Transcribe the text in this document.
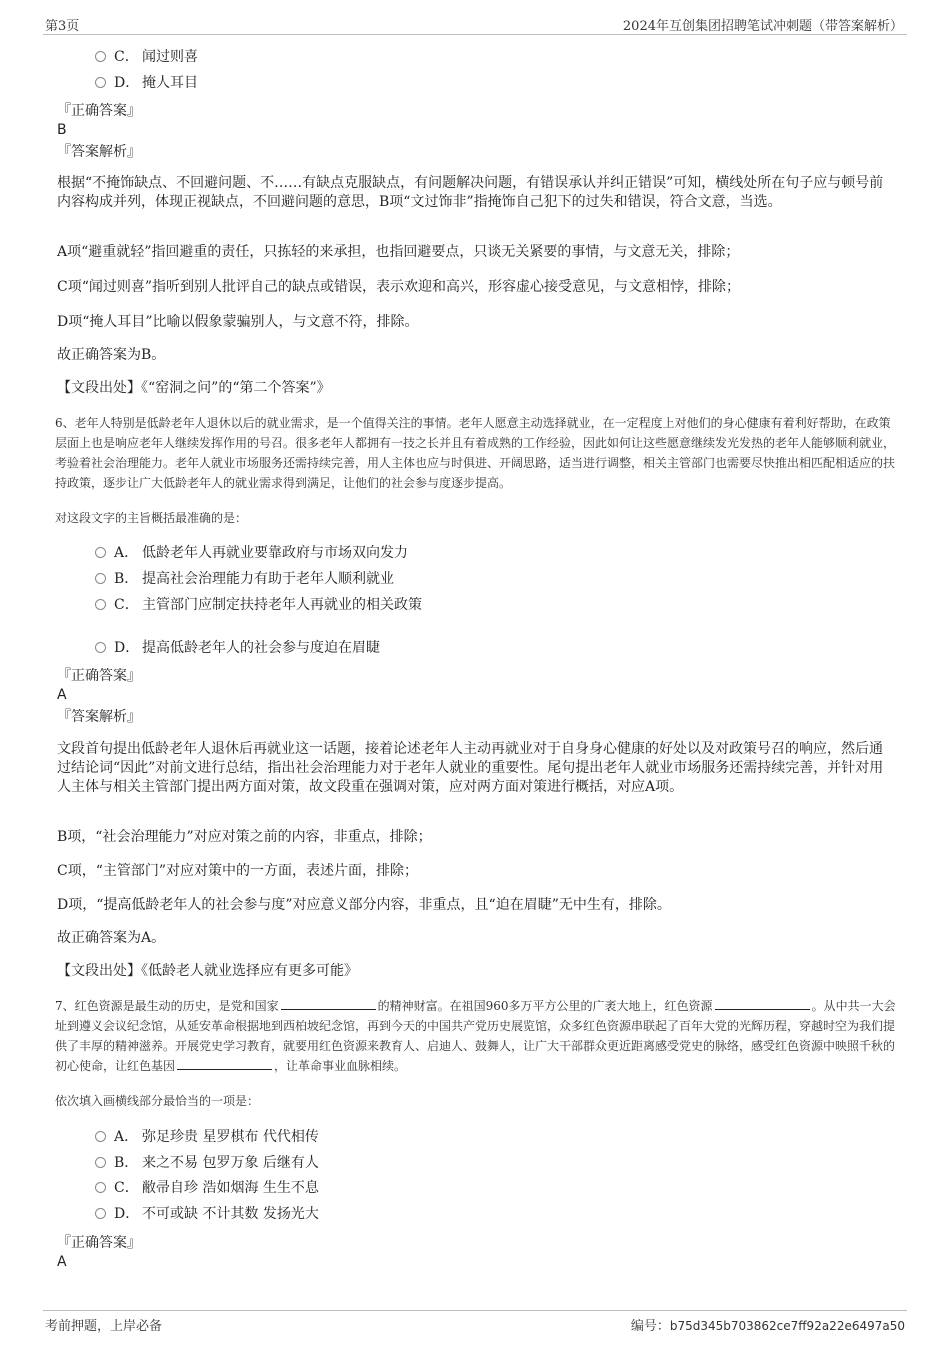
第3页	2024年互创集团招聘笔试冲刺题（带答案解析）
C． 闻过则喜
D． 掩人耳目
『正确答案』
B
『答案解析』
根据“不掩饰缺点、不回避问题、不……有缺点克服缺点，有问题解决问题，有错误承认并纠正错误”可知，横线处所在句子应与顿号前内容构成并列，体现正视缺点，不回避问题的意思，B项“文过饰非”指掩饰自己犯下的过失和错误，符合文意，当选。
A项“避重就轻”指回避重的责任，只拣轻的来承担，也指回避要点，只谈无关紧要的事情，与文意无关，排除；
C项“闻过则喜”指听到别人批评自己的缺点或错误，表示欢迎和高兴，形容虚心接受意见，与文意相悖，排除；
D项“掩人耳目”比喻以假象蒙骗别人，与文意不符，排除。
故正确答案为B。
【文段出处】《“窑洞之问”的“第二个答案”》
6、老年人特别是低龄老年人退休以后的就业需求，是一个值得关注的事情。老年人愿意主动选择就业，在一定程度上对他们的身心健康有着利好帮助，在政策层面上也是响应老年人继续发挥作用的号召。很多老年人都拥有一技之长并且有着成熟的工作经验，因此如何让这些愿意继续发光发热的老年人能够顺利就业，考验着社会治理能力。老年人就业市场服务还需持续完善，用人主体也应与时俱进、开阔思路，适当进行调整，相关主管部门也需要尽快推出相匹配相适应的扶持政策，逐步让广大低龄老年人的就业需求得到满足，让他们的社会参与度逐步提高。
对这段文字的主旨概括最准确的是：
A． 低龄老年人再就业要靠政府与市场双向发力
B． 提高社会治理能力有助于老年人顺利就业
C． 主管部门应制定扶持老年人再就业的相关政策
D． 提高低龄老年人的社会参与度迫在眉睫
『正确答案』
A
『答案解析』
文段首句提出低龄老年人退休后再就业这一话题，接着论述老年人主动再就业对于自身身心健康的好处以及对政策号召的响应，然后通过结论词“因此”对前文进行总结，指出社会治理能力对于老年人就业的重要性。尾句提出老年人就业市场服务还需持续完善，并针对用人主体与相关主管部门提出两方面对策，故文段重在强调对策，应对两方面对策进行概括，对应A项。
B项，“社会治理能力”对应对策之前的内容，非重点，排除；
C项，“主管部门”对应对策中的一方面，表述片面，排除；
D项，“提高低龄老年人的社会参与度”对应意义部分内容，非重点，且“迫在眉睫”无中生有，排除。
故正确答案为A。
【文段出处】《低龄老人就业选择应有更多可能》
7、红色资源是最生动的历史，是党和国家	的精神财富。在祖国960多万平方公里的广袤大地上，红色资源	。从中共一大会址到遵义会议纪念馆，从延安革命根据地到西柏坡纪念馆，再到今天的中国共产党历史展览馆，众多红色资源串联起了百年大党的光辉历程，穿越时空为我们提供了丰厚的精神滋养。开展党史学习教育，就要用红色资源来教育人、启迪人、鼓舞人，让广大干部群众更近距离感受党史的脉络，感受红色资源中映照千秋的初心使命，让红色基因	，让革命事业血脉相续。
依次填入画横线部分最恰当的一项是：
A． 弥足珍贵 星罗棋布 代代相传
B． 来之不易 包罗万象 后继有人
C． 敝帚自珍 浩如烟海 生生不息
D． 不可或缺 不计其数 发扬光大
『正确答案』
A
考前押题，上岸必备	编号：b75d345b703862ce7ff92a22e6497a50
